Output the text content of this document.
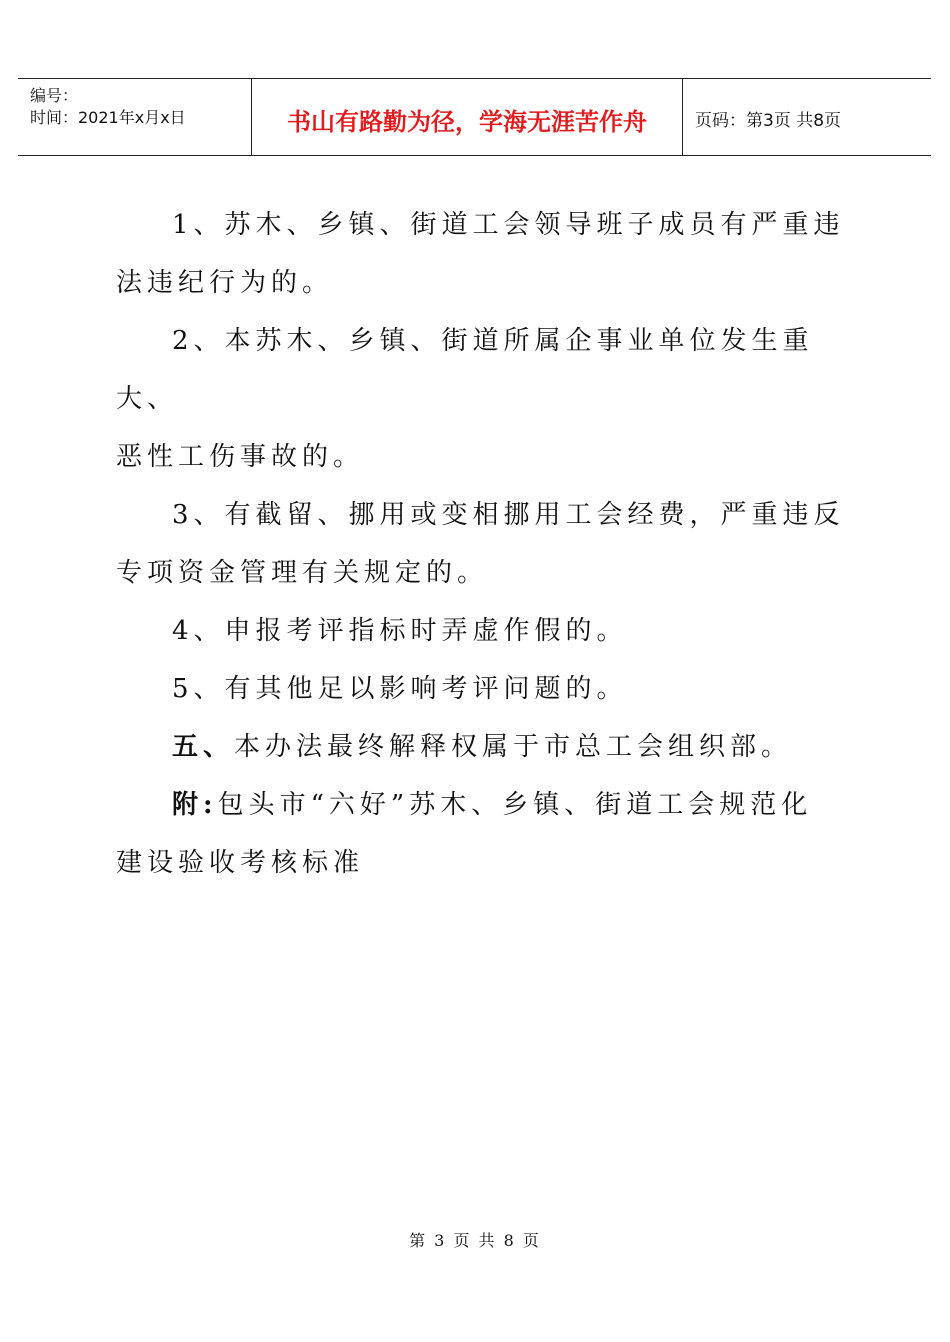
编号：
时间：2021年x月x日	书山有路勤为径，学海无涯苦作舟	页码：第3页 共8页

1、苏木、乡镇、街道工会领导班子成员有严重违

法违纪行为的。

2、本苏木、乡镇、街道所属企事业单位发生重大、

恶性工伤事故的。

3、有截留、挪用或变相挪用工会经费，严重违反

专项资金管理有关规定的。

4、申报考评指标时弄虚作假的。

5、有其他足以影响考评问题的。

五、本办法最终解释权属于市总工会组织部。

附:包头市“六好”苏木、乡镇、街道工会规范化

建设验收考核标准

第 3 页 共 8 页
